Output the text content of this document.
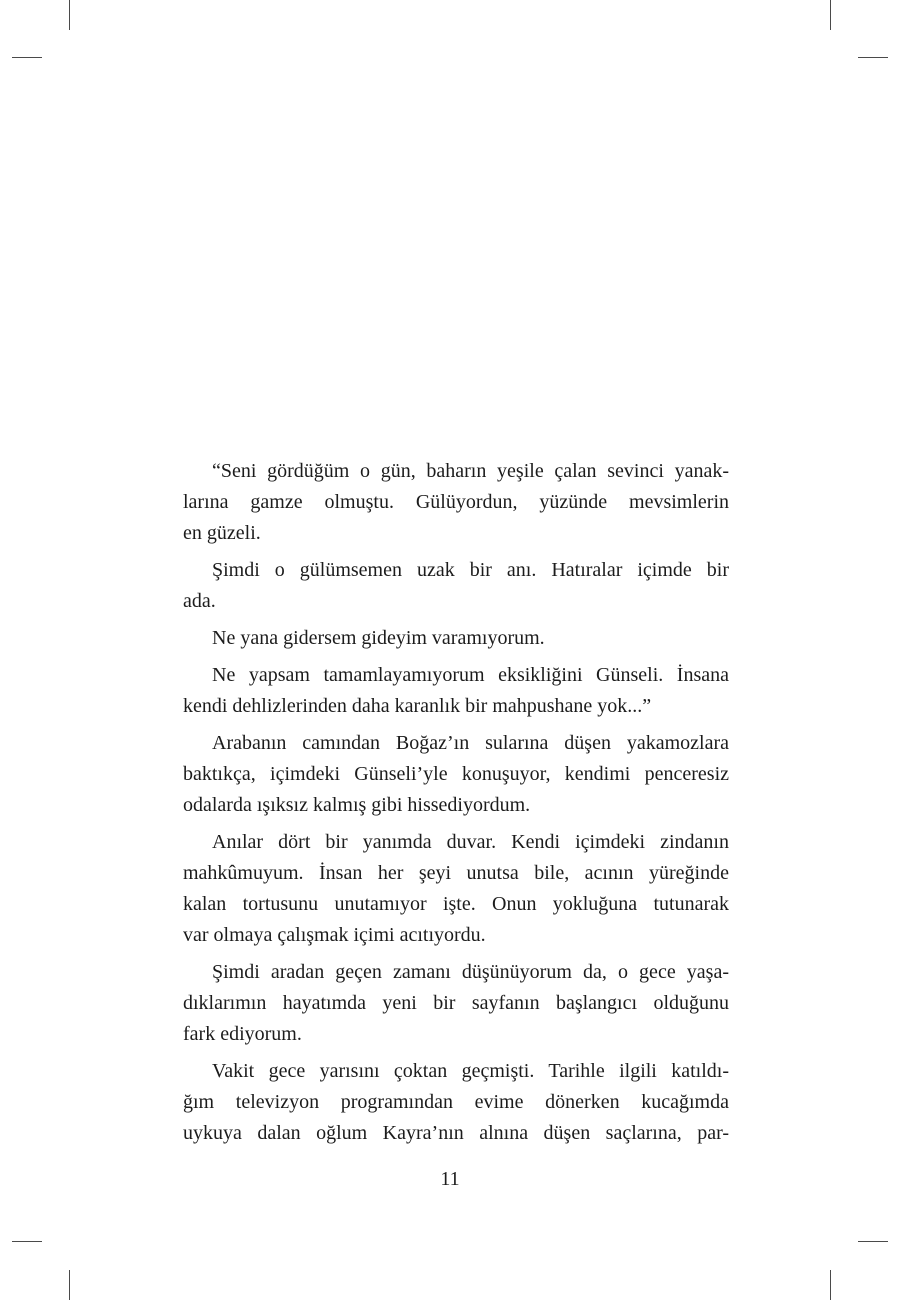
“Seni gördüğüm o gün, baharın yeşile çalan sevinci yanak-
larına gamze olmuştu. Gülüyordun, yüzünde mevsimlerin
en güzeli.

Şimdi o gülümsemen uzak bir anı. Hatıralar içimde bir
ada.

Ne yana gidersem gideyim varamıyorum.

Ne yapsam tamamlayamıyorum eksikliğini Günseli. İnsana
kendi dehlizlerinden daha karanlık bir mahpushane yok...”

Arabanın camından Boğaz’ın sularına düşen yakamozlara
baktıkça, içimdeki Günseli’yle konuşuyor, kendimi penceresiz
odalarda ışıksız kalmış gibi hissediyordum.

Anılar dört bir yanımda duvar. Kendi içimdeki zindanın
mahkûmuyum. İnsan her şeyi unutsa bile, acının yüreğinde
kalan tortusunu unutamıyor işte. Onun yokluğuna tutunarak
var olmaya çalışmak içimi acıtıyordu.

Şimdi aradan geçen zamanı düşünüyorum da, o gece yaşa-
dıklarımın hayatımda yeni bir sayfanın başlangıcı olduğunu
fark ediyorum.

Vakit gece yarısını çoktan geçmişti. Tarihle ilgili katıldı-
ğım televizyon programından evime dönerken kucağımda
uykuya dalan oğlum Kayra’nın alnına düşen saçlarına, par-

11
